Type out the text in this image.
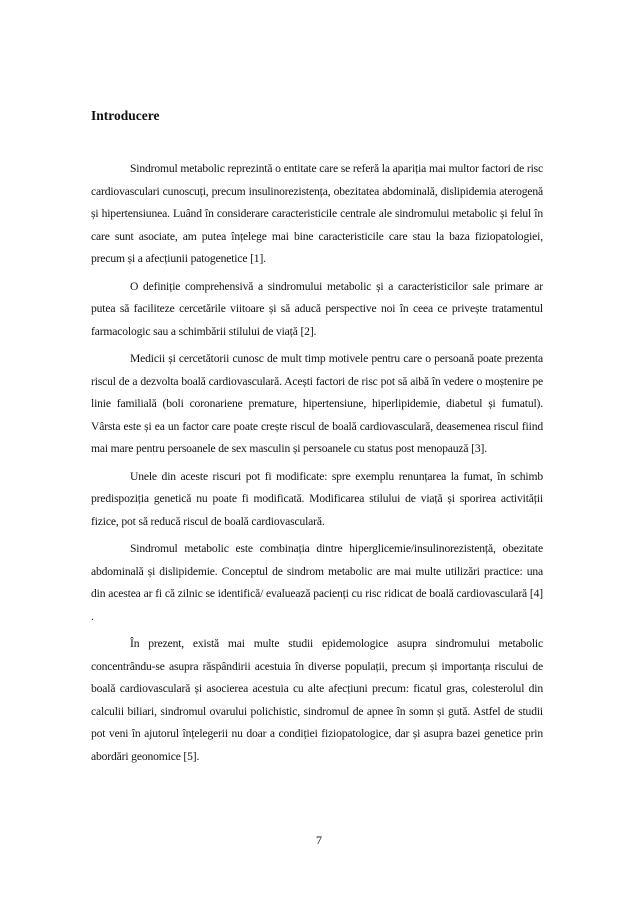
Introducere

Sindromul metabolic reprezintă o entitate care se referă la apariția mai multor factori de risc cardiovasculari cunoscuți, precum insulinorezistența, obezitatea abdominală, dislipidemia aterogenă și hipertensiunea. Luând în considerare caracteristicile centrale ale sindromului metabolic și felul în care sunt asociate, am putea înțelege mai bine caracteristicile care stau la baza fiziopatologiei, precum și a afecțiunii patogenetice [1].

O definiție comprehensivă a sindromului metabolic și a caracteristicilor sale primare ar putea să faciliteze cercetările viitoare și să aducă perspective noi în ceea ce privește tratamentul farmacologic sau a schimbării stilului de viață [2].

Medicii și cercetătorii cunosc de mult timp motivele pentru care o persoană poate prezenta riscul de a dezvolta boală cardiovasculară. Acești factori de risc pot să aibă în vedere o moștenire pe linie familială (boli coronariene premature, hipertensiune, hiperlipidemie, diabetul și fumatul). Vârsta este și ea un factor care poate crește riscul de boală cardiovasculară, deasemenea riscul fiind mai mare pentru persoanele de sex masculin și persoanele cu status post menopauză [3].

Unele din aceste riscuri pot fi modificate: spre exemplu renunțarea la fumat, în schimb predispoziția genetică nu poate fi modificată. Modificarea stilului de viață și sporirea activității fizice, pot să reducă riscul de boală cardiovasculară.

Sindromul metabolic este combinația dintre hiperglicemie/insulinorezistență, obezitate abdominală și dislipidemie. Conceptul de sindrom metabolic are mai multe utilizări practice: una din acestea ar fi că zilnic se identifică/ evaluează pacienți cu risc ridicat de boală cardiovasculară [4] .

În prezent, există mai multe studii epidemologice asupra sindromului metabolic concentrându-se asupra răspândirii acestuia în diverse populații, precum și importanța riscului de boală cardiovasculară și asocierea acestuia cu alte afecțiuni precum: ficatul gras, colesterolul din calculii biliari, sindromul ovarului polichistic, sindromul de apnee în somn și gută. Astfel de studii pot veni în ajutorul înțelegerii nu doar a condiției fiziopatologice, dar și asupra bazei genetice prin abordări geonomice [5].

7
